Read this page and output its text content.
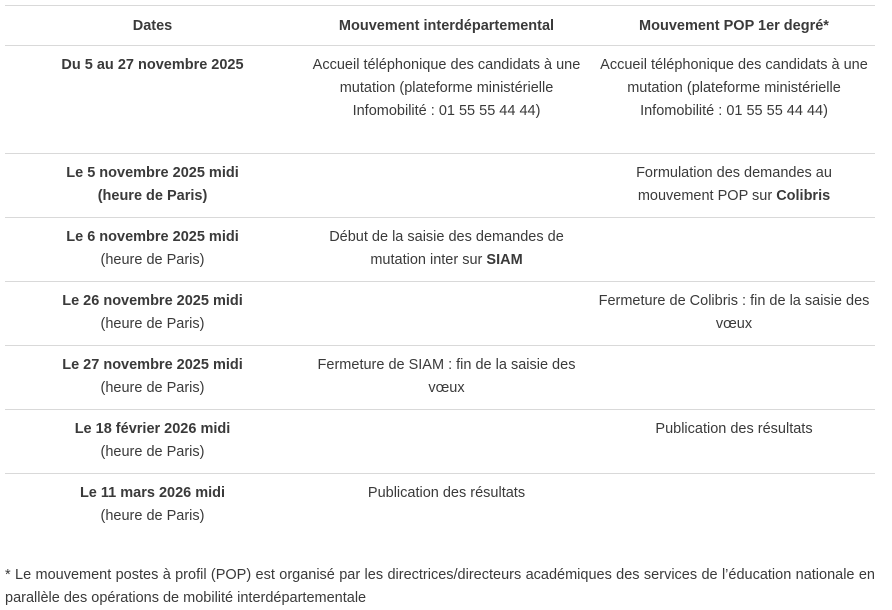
Dates	Mouvement interdépartemental	Mouvement POP 1er degré*

Du 5 au 27 novembre 2025	Accueil téléphonique des candidats à une mutation (plateforme ministérielle Infomobilité : 01 55 55 44 44)	Accueil téléphonique des candidats à une mutation (plateforme ministérielle Infomobilité : 01 55 55 44 44)

Le 5 novembre 2025 midi
(heure de Paris)		Formulation des demandes au mouvement POP sur Colibris

Le 6 novembre 2025 midi
(heure de Paris)	Début de la saisie des demandes de mutation inter sur SIAM	

Le 26 novembre 2025 midi
(heure de Paris)		Fermeture de Colibris : fin de la saisie des vœux

Le 27 novembre 2025 midi
(heure de Paris)	Fermeture de SIAM : fin de la saisie des vœux	

Le 18 février 2026 midi
(heure de Paris)		Publication des résultats

Le 11 mars 2026 midi
(heure de Paris)	Publication des résultats	

* Le mouvement postes à profil (POP) est organisé par les directrices/directeurs académiques des services de l’éducation nationale en parallèle des opérations de mobilité interdépartementale
